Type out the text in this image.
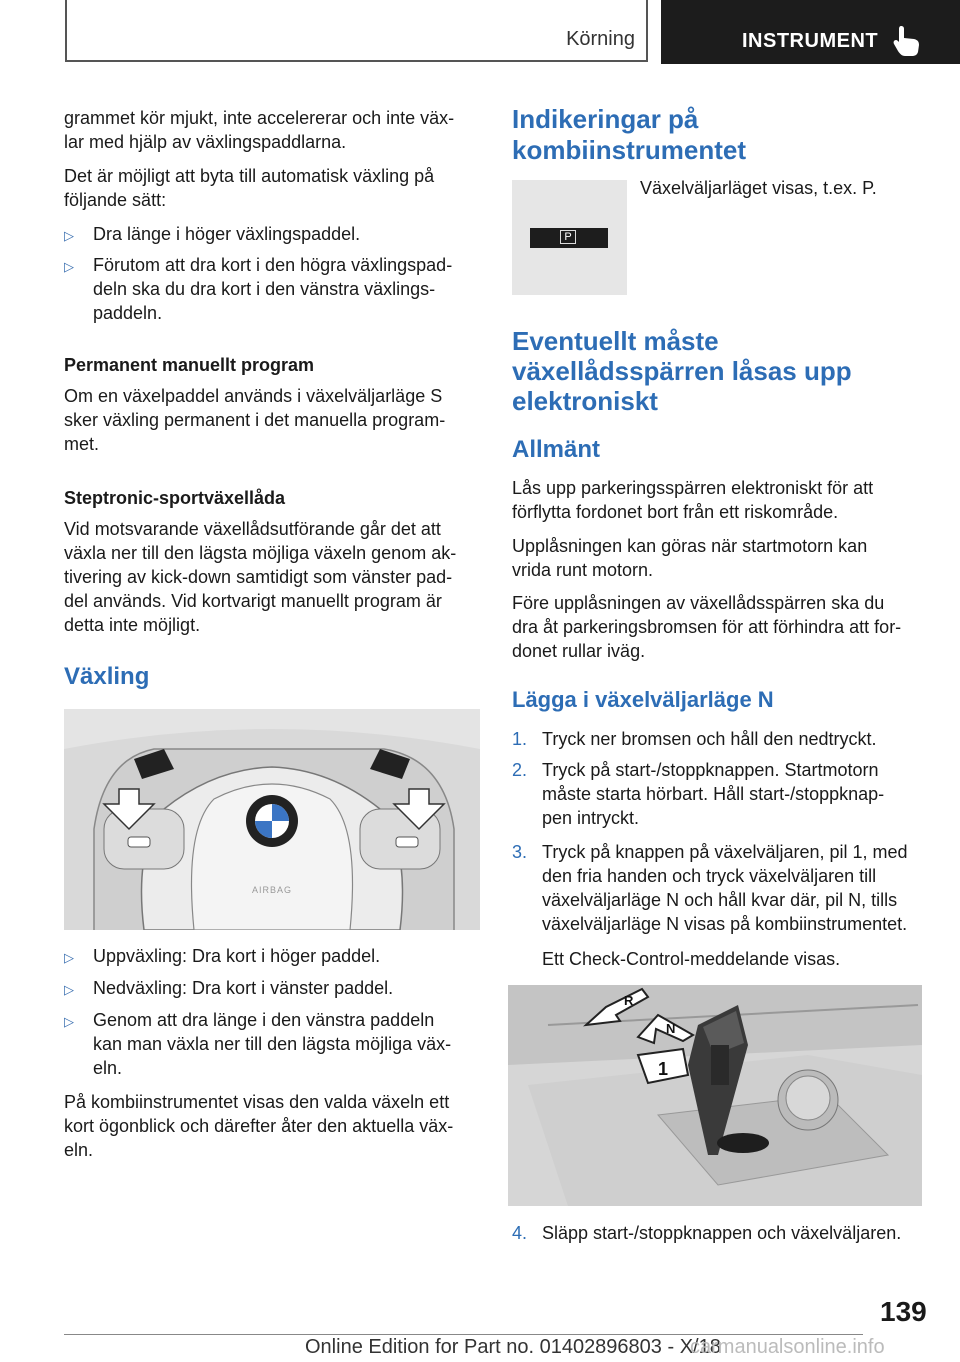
Körning	INSTRUMENT

grammet kör mjukt, inte accelererar och inte väx-
lar med hjälp av växlingspaddlarna.

Det är möjligt att byta till automatisk växling på
följande sätt:

▷ Dra länge i höger växlingspaddel.
▷ Förutom att dra kort i den högra växlingspad-
deln ska du dra kort i den vänstra växlings-
paddeln.
Permanent manuellt program

Om en växelpaddel används i växelväljarläge S
sker växling permanent i det manuella program-
met.

Steptronic-sportväxellåda

Vid motsvarande växellådsutförande går det att
växla ner till den lägsta möjliga växeln genom ak-
tivering av kick-down samtidigt som vänster pad-
del används. Vid kortvarigt manuellt program är
detta inte möjligt.

Växling
AIRBAG
▷ Uppväxling: Dra kort i höger paddel.
▷ Nedväxling: Dra kort i vänster paddel.
▷ Genom att dra länge i den vänstra paddeln
kan man växla ner till den lägsta möjliga väx-
eln.

På kombiinstrumentet visas den valda växeln ett
kort ögonblick och därefter åter den aktuella väx-
eln.

Indikeringar på
kombiinstrumentet
P

Växelväljarläget visas, t.ex. P.

Eventuellt måste
växellådsspärren låsas upp
elektroniskt
Allmänt

Lås upp parkeringsspärren elektroniskt för att
förflytta fordonet bort från ett riskområde.

Upplåsningen kan göras när startmotorn kan
vrida runt motorn.

Före upplåsningen av växellådsspärren ska du
dra åt parkeringsbromsen för att förhindra att for-
donet rullar iväg.

Lägga i växelväljarläge N
1. Tryck ner bromsen och håll den nedtryckt.
2. Tryck på start-/stoppknappen. Startmotorn
måste starta hörbart. Håll start-/stoppknap-
pen intryckt.
3. Tryck på knappen på växelväljaren, pil 1, med
den fria handen och tryck växelväljaren till
växelväljarläge N och håll kvar där, pil N, tills
växelväljarläge N visas på kombiinstrumentet.
Ett Check-Control-meddelande visas.
R
N
1
4. Släpp start-/stoppknappen och växelväljaren.
139
Online Edition for Part no. 01402896803 - X/18
carmanualsonline.info
